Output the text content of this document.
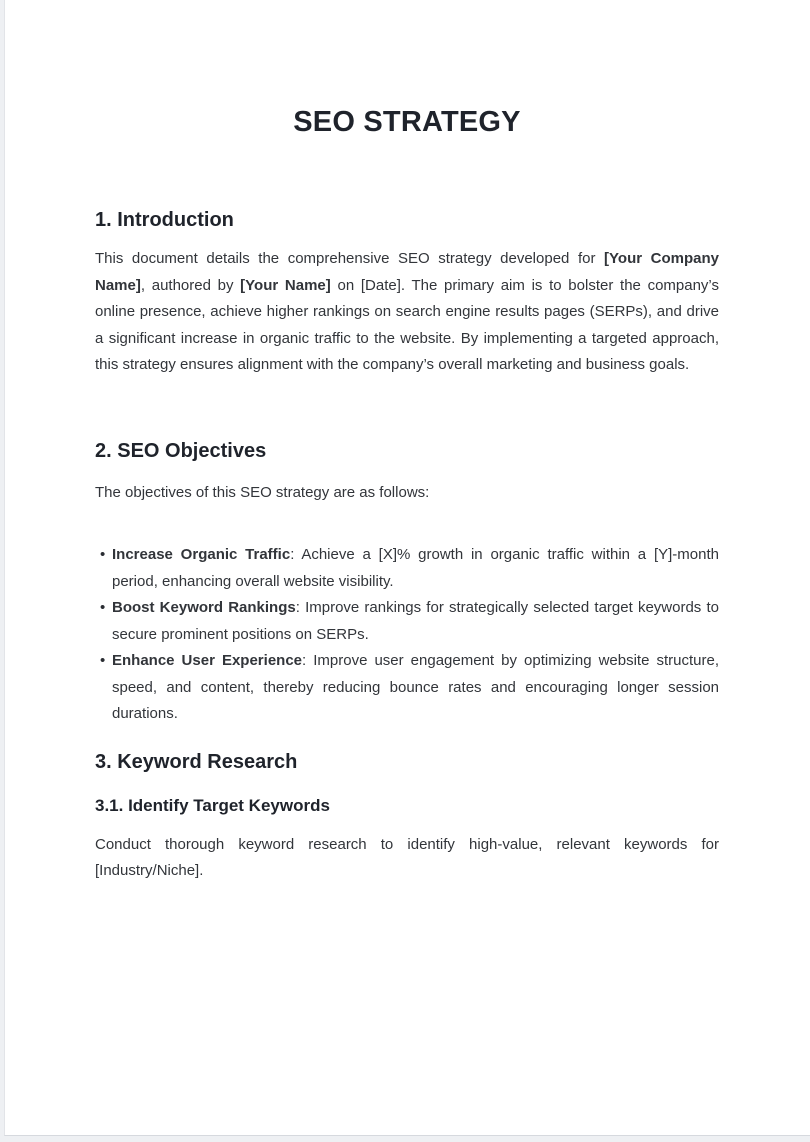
SEO STRATEGY
1. Introduction

This document details the comprehensive SEO strategy developed for [Your Company Name], authored by [Your Name] on [Date]. The primary aim is to bolster the company’s online presence, achieve higher rankings on search engine results pages (SERPs), and drive a significant increase in organic traffic to the website. By implementing a targeted approach, this strategy ensures alignment with the company’s overall marketing and business goals.

2. SEO Objectives

The objectives of this SEO strategy are as follows:

• Increase Organic Traffic: Achieve a [X]% growth in organic traffic within a [Y]-month period, enhancing overall website visibility.
• Boost Keyword Rankings: Improve rankings for strategically selected target keywords to secure prominent positions on SERPs.
• Enhance User Experience: Improve user engagement by optimizing website structure, speed, and content, thereby reducing bounce rates and encouraging longer session durations.
3. Keyword Research
3.1. Identify Target Keywords

Conduct thorough keyword research to identify high-value, relevant keywords for [Industry/Niche].
